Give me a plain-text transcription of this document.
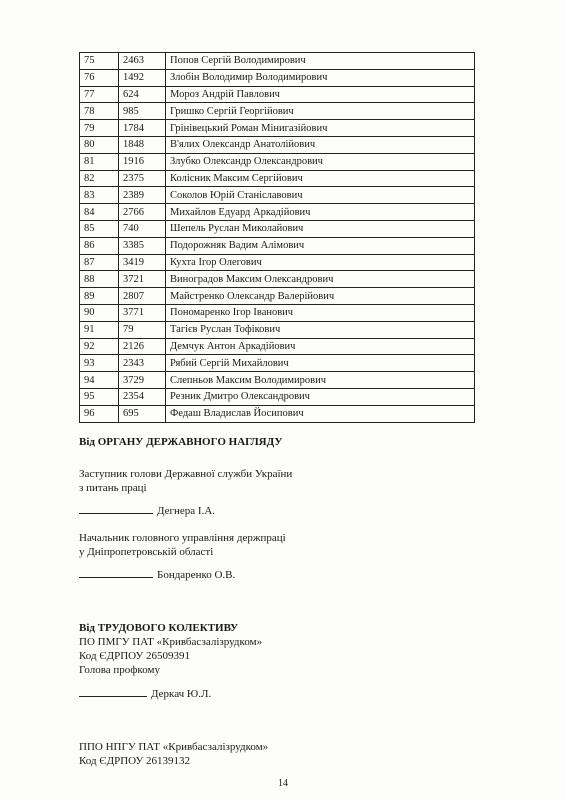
75	2463	Попов Сергій Володимирович
76	1492	Злобін Володимир Володимирович
77	624	Мороз Андрій Павлович
78	985	Гришко Сергій Георгійович
79	1784	Грінівецький Роман Мінигазійович
80	1848	В'ялих Олександр Анатолійович
81	1916	Злубко Олександр Олександрович
82	2375	Колісник Максим Сергійович
83	2389	Соколов Юрій Станіславович
84	2766	Михайлов Едуард Аркадійович
85	740	Шепель Руслан Миколайович
86	3385	Подорожняк Вадим Алімович
87	3419	Кухта Ігор Олегович
88	3721	Виноградов Максим Олександрович
89	2807	Майстренко Олександр Валерійович
90	3771	Пономаренко Ігор Іванович
91	79	Тагієв Руслан Тофікович
92	2126	Демчук Антон Аркадійович
93	2343	Рябий Сергій Михайлович
94	3729	Слепньов Максим Володимирович
95	2354	Резник Дмитро Олександрович
96	695	Федаш Владислав Йосипович
Від ОРГАНУ ДЕРЖАВНОГО НАГЛЯДУ
Заступник голови Державної служби України
з питань праці
Дегнера І.А.
Начальник головного управління держпраці
у Дніпропетровській області
Бондаренко О.В.
Від ТРУДОВОГО КОЛЕКТИВУ
ПО ПМГУ ПАТ «Кривбасзалізрудком»
Код ЄДРПОУ 26509391
Голова профкому
Деркач Ю.Л.
ППО НПГУ ПАТ «Кривбасзалізрудком»
Код ЄДРПОУ 26139132
14
